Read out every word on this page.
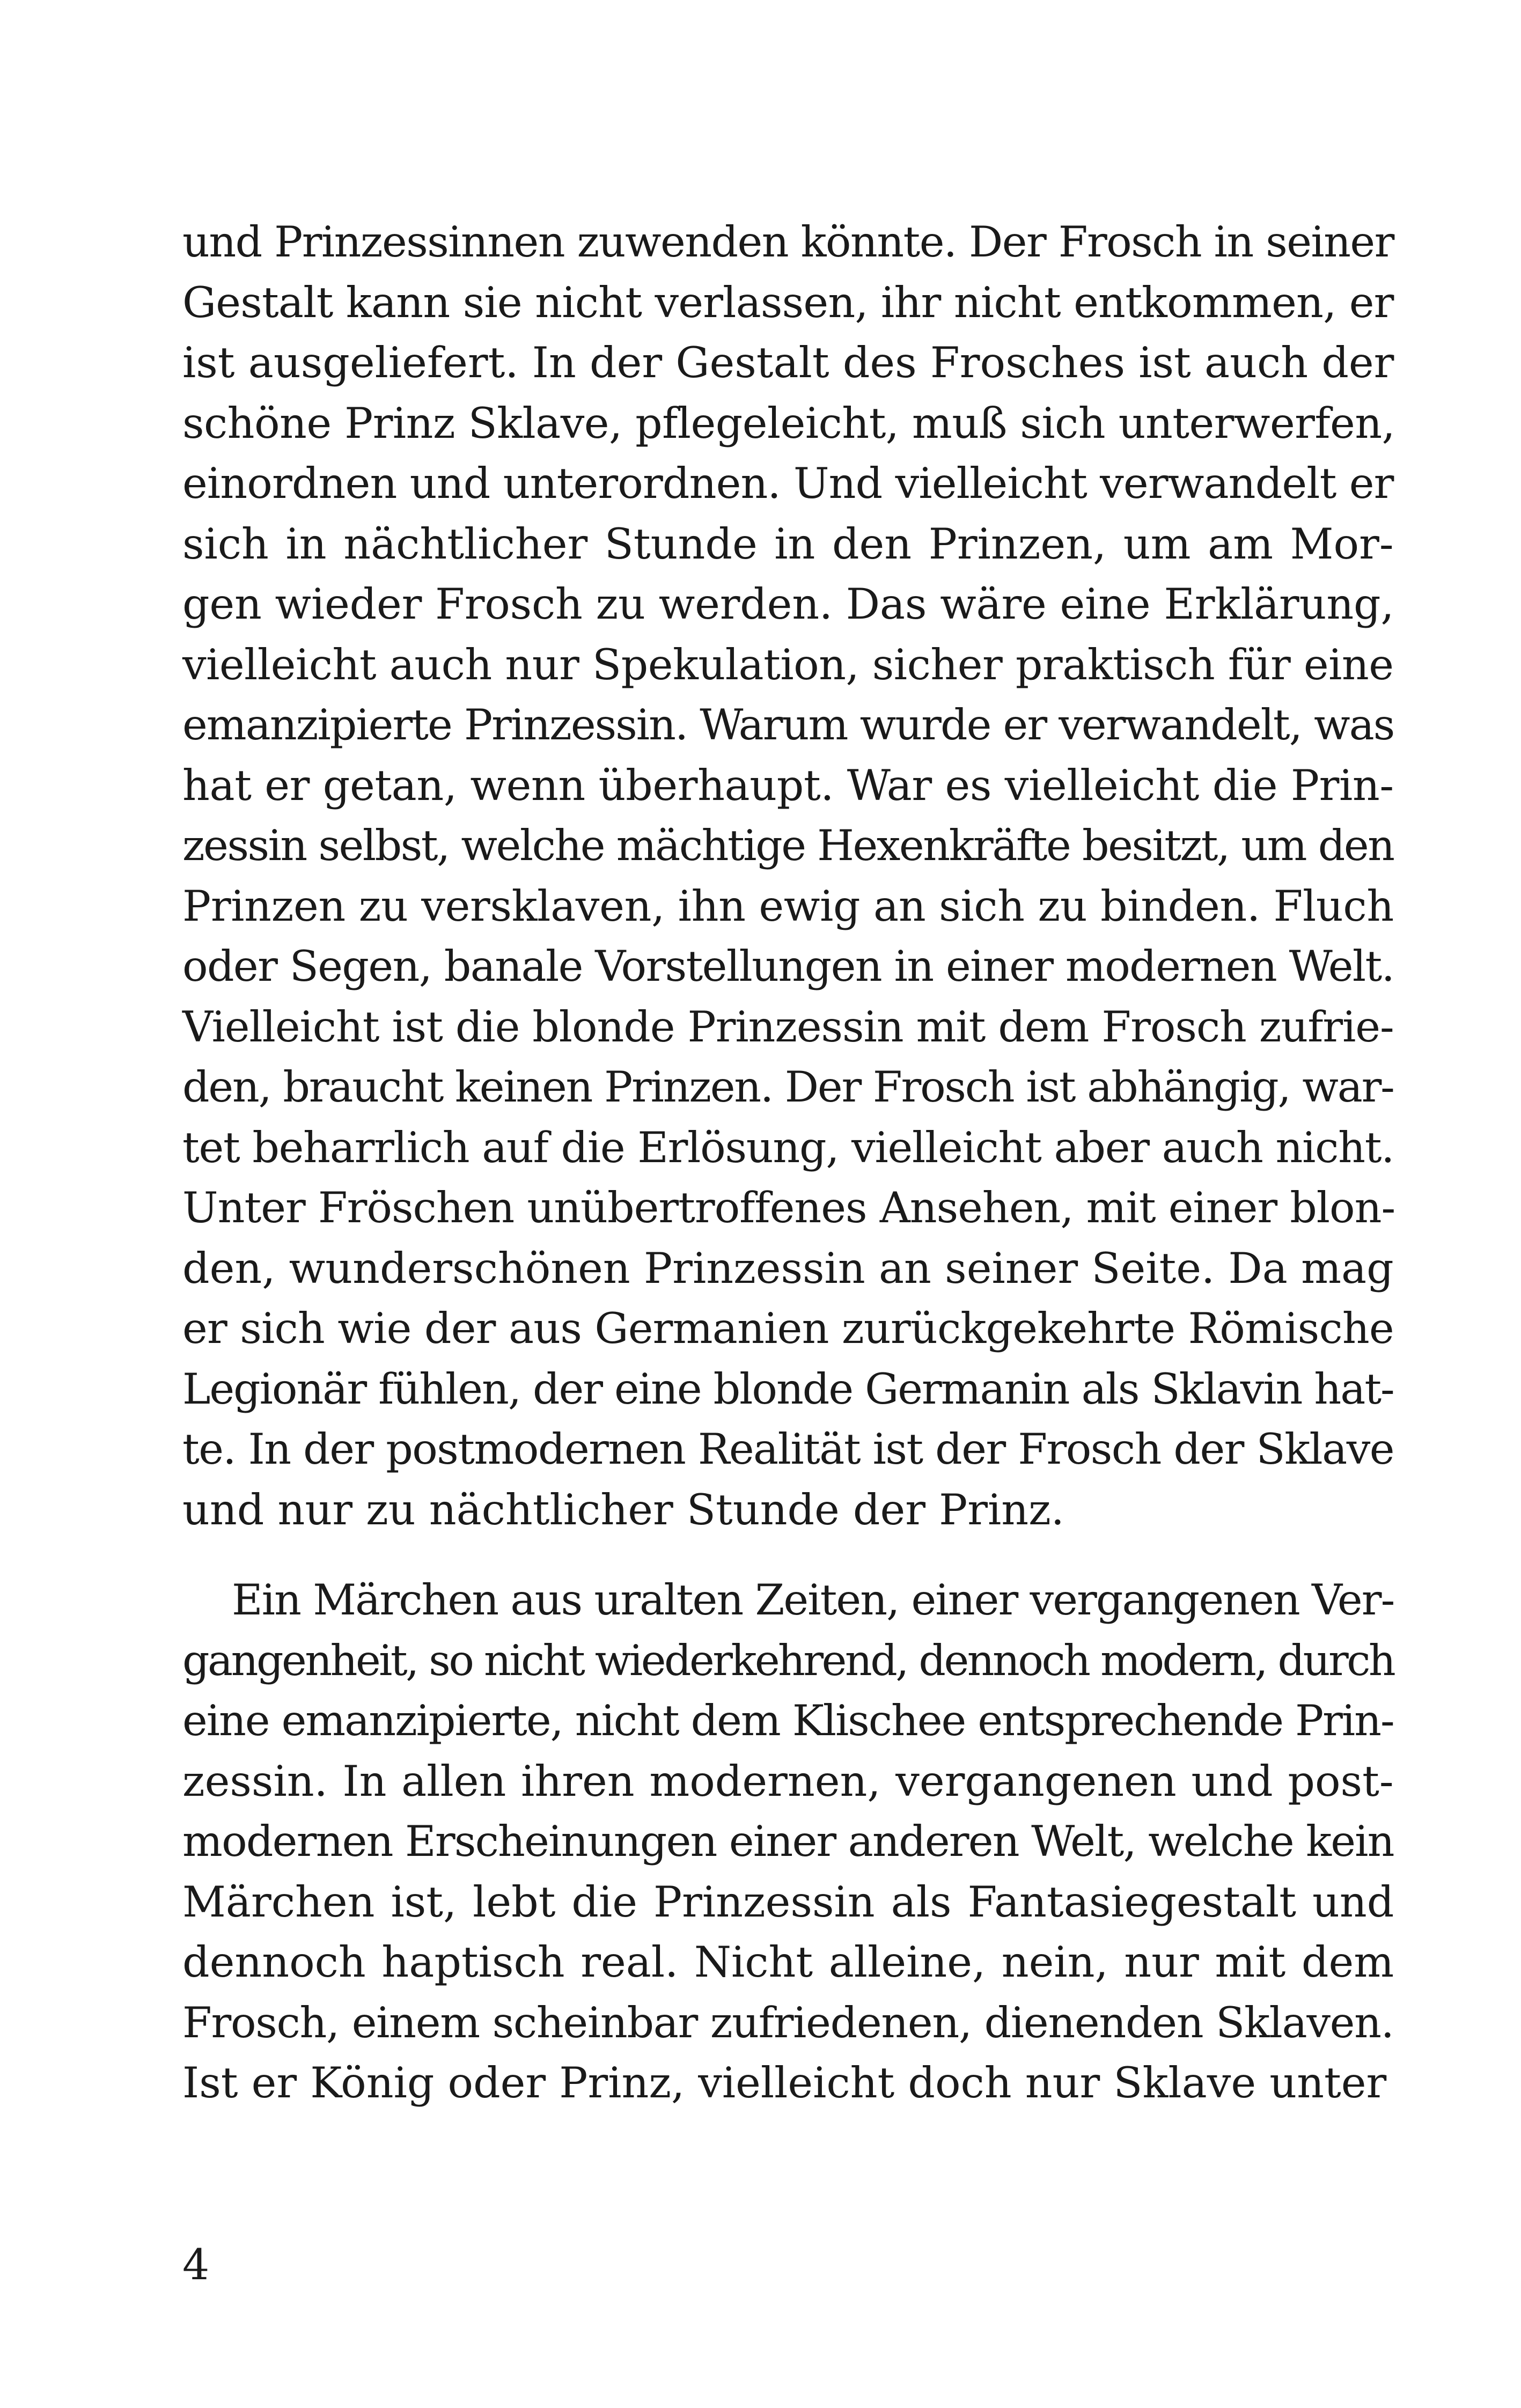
und Prinzessinnen zuwenden könnte. Der Frosch in seiner
Gestalt kann sie nicht verlassen, ihr nicht entkommen, er
ist ausgeliefert. In der Gestalt des Frosches ist auch der
schöne Prinz Sklave, pflegeleicht, muß sich unterwerfen,
einordnen und unterordnen. Und vielleicht verwandelt er
sich in nächtlicher Stunde in den Prinzen, um am Mor-
gen wieder Frosch zu werden. Das wäre eine Erklärung,
vielleicht auch nur Spekulation, sicher praktisch für eine
emanzipierte Prinzessin. Warum wurde er verwandelt, was
hat er getan, wenn überhaupt. War es vielleicht die Prin-
zessin selbst, welche mächtige Hexenkräfte besitzt, um den
Prinzen zu versklaven, ihn ewig an sich zu binden. Fluch
oder Segen, banale Vorstellungen in einer modernen Welt.
Vielleicht ist die blonde Prinzessin mit dem Frosch zufrie-
den, braucht keinen Prinzen. Der Frosch ist abhängig, war-
tet beharrlich auf die Erlösung, vielleicht aber auch nicht.
Unter Fröschen unübertroffenes Ansehen, mit einer blon-
den, wunderschönen Prinzessin an seiner Seite. Da mag
er sich wie der aus Germanien zurückgekehrte Römische
Legionär fühlen, der eine blonde Germanin als Sklavin hat-
te. In der postmodernen Realität ist der Frosch der Sklave
und nur zu nächtlicher Stunde der Prinz.
Ein Märchen aus uralten Zeiten, einer vergangenen Ver-
gangenheit, so nicht wiederkehrend, dennoch modern, durch
eine emanzipierte, nicht dem Klischee entsprechende Prin-
zessin. In allen ihren modernen, vergangenen und post-
modernen Erscheinungen einer anderen Welt, welche kein
Märchen ist, lebt die Prinzessin als Fantasiegestalt und
dennoch haptisch real. Nicht alleine, nein, nur mit dem
Frosch, einem scheinbar zufriedenen, dienenden Sklaven.
Ist er König oder Prinz, vielleicht doch nur Sklave unter
4
